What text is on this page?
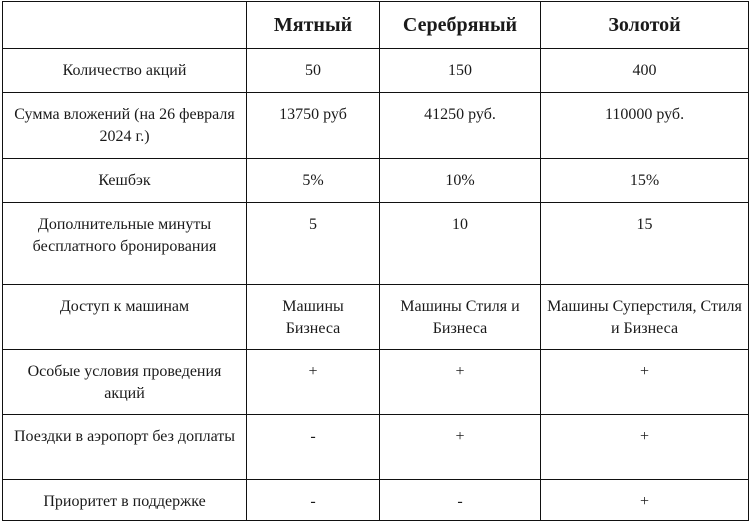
	Мятный	Серебряный	Золотой

Количество акций	50	150	400

Сумма вложений (на 26 февраля 2024 г.)	13750 руб	41250 руб.	110000 руб.

Кешбэк	5%	10%	15%

Дополнительные минуты бесплатного бронирования	5	10	15

Доступ к машинам	Машины Бизнеса	Машины Стиля и Бизнеса	Машины Суперстиля, Стиля и Бизнеса

Особые условия проведения акций	+	+	+

Поездки в аэропорт без доплаты	-	+	+

Приоритет в поддержке	-	-	+
